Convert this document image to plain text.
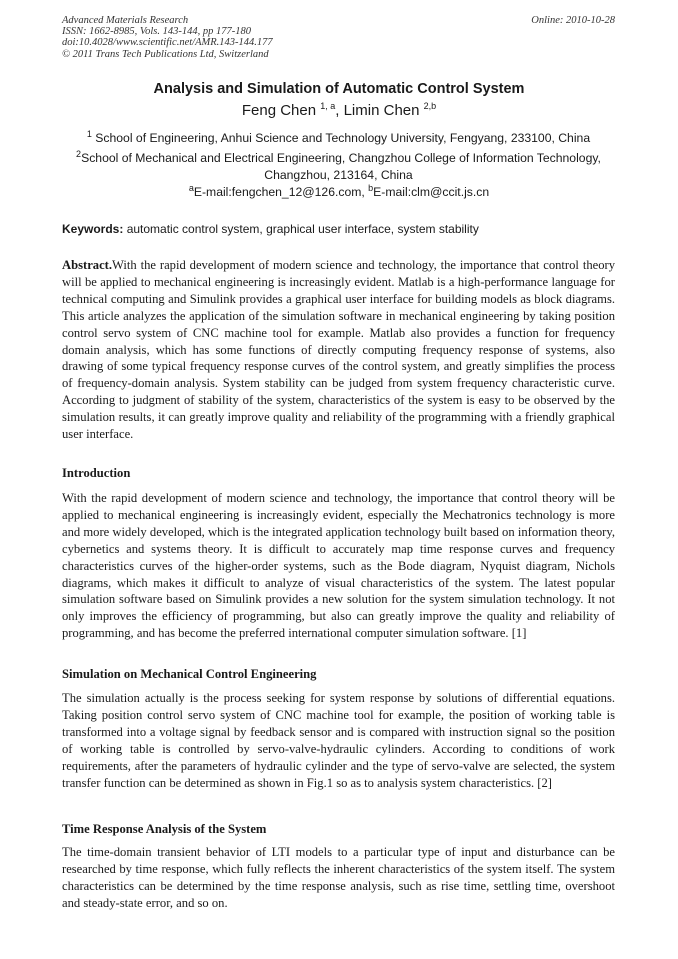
Advanced Materials Research
ISSN: 1662-8985, Vols. 143-144, pp 177-180
doi:10.4028/www.scientific.net/AMR.143-144.177
© 2011 Trans Tech Publications Ltd, Switzerland
Online: 2010-10-28
Analysis and Simulation of Automatic Control System
Feng Chen $^{1, a}$, Limin Chen $^{2,b}$
$^1$ School of Engineering, Anhui Science and Technology University, Fengyang, 233100, China
$^2$School of Mechanical and Electrical Engineering, Changzhou College of Information Technology, Changzhou, 213164, China
$^a$E-mail:fengchen_12@126.com, $^b$E-mail:clm@ccit.js.cn
Keywords: automatic control system, graphical user interface, system stability
Abstract.With the rapid development of modern science and technology, the importance that control theory will be applied to mechanical engineering is increasingly evident. Matlab is a high-performance language for technical computing and Simulink provides a graphical user interface for building models as block diagrams. This article analyzes the application of the simulation software in mechanical engineering by taking position control servo system of CNC machine tool for example. Matlab also provides a function for frequency domain analysis, which has some functions of directly computing frequency response of systems, also drawing of some typical frequency response curves of the control system, and greatly simplifies the process of frequency-domain analysis. System stability can be judged from system frequency characteristic curve. According to judgment of stability of the system, characteristics of the system is easy to be observed by the simulation results, it can greatly improve quality and reliability of the programming with a friendly graphical user interface.
Introduction
With the rapid development of modern science and technology, the importance that control theory will be applied to mechanical engineering is increasingly evident, especially the Mechatronics technology is more and more widely developed, which is the integrated application technology built based on information theory, cybernetics and systems theory. It is difficult to accurately map time response curves and frequency characteristics curves of the higher-order systems, such as the Bode diagram, Nyquist diagram, Nichols diagrams, which makes it difficult to analyze of visual characteristics of the system. The latest popular simulation software based on Simulink provides a new solution for the system simulation technology. It not only improves the efficiency of programming, but also can greatly improve the quality and reliability of programming, and has become the preferred international computer simulation software. [1]
Simulation on Mechanical Control Engineering
The simulation actually is the process seeking for system response by solutions of differential equations. Taking position control servo system of CNC machine tool for example, the position of working table is transformed into a voltage signal by feedback sensor and is compared with instruction signal so the position of working table is controlled by servo-valve-hydraulic cylinders. According to conditions of work requirements, after the parameters of hydraulic cylinder and the type of servo-valve are selected, the system transfer function can be determined as shown in Fig.1 so as to analysis system characteristics. [2]
Time Response Analysis of the System
The time-domain transient behavior of LTI models to a particular type of input and disturbance can be researched by time response, which fully reflects the inherent characteristics of the system itself. The system characteristics can be determined by the time response analysis, such as rise time, settling time, overshoot and steady-state error, and so on.
